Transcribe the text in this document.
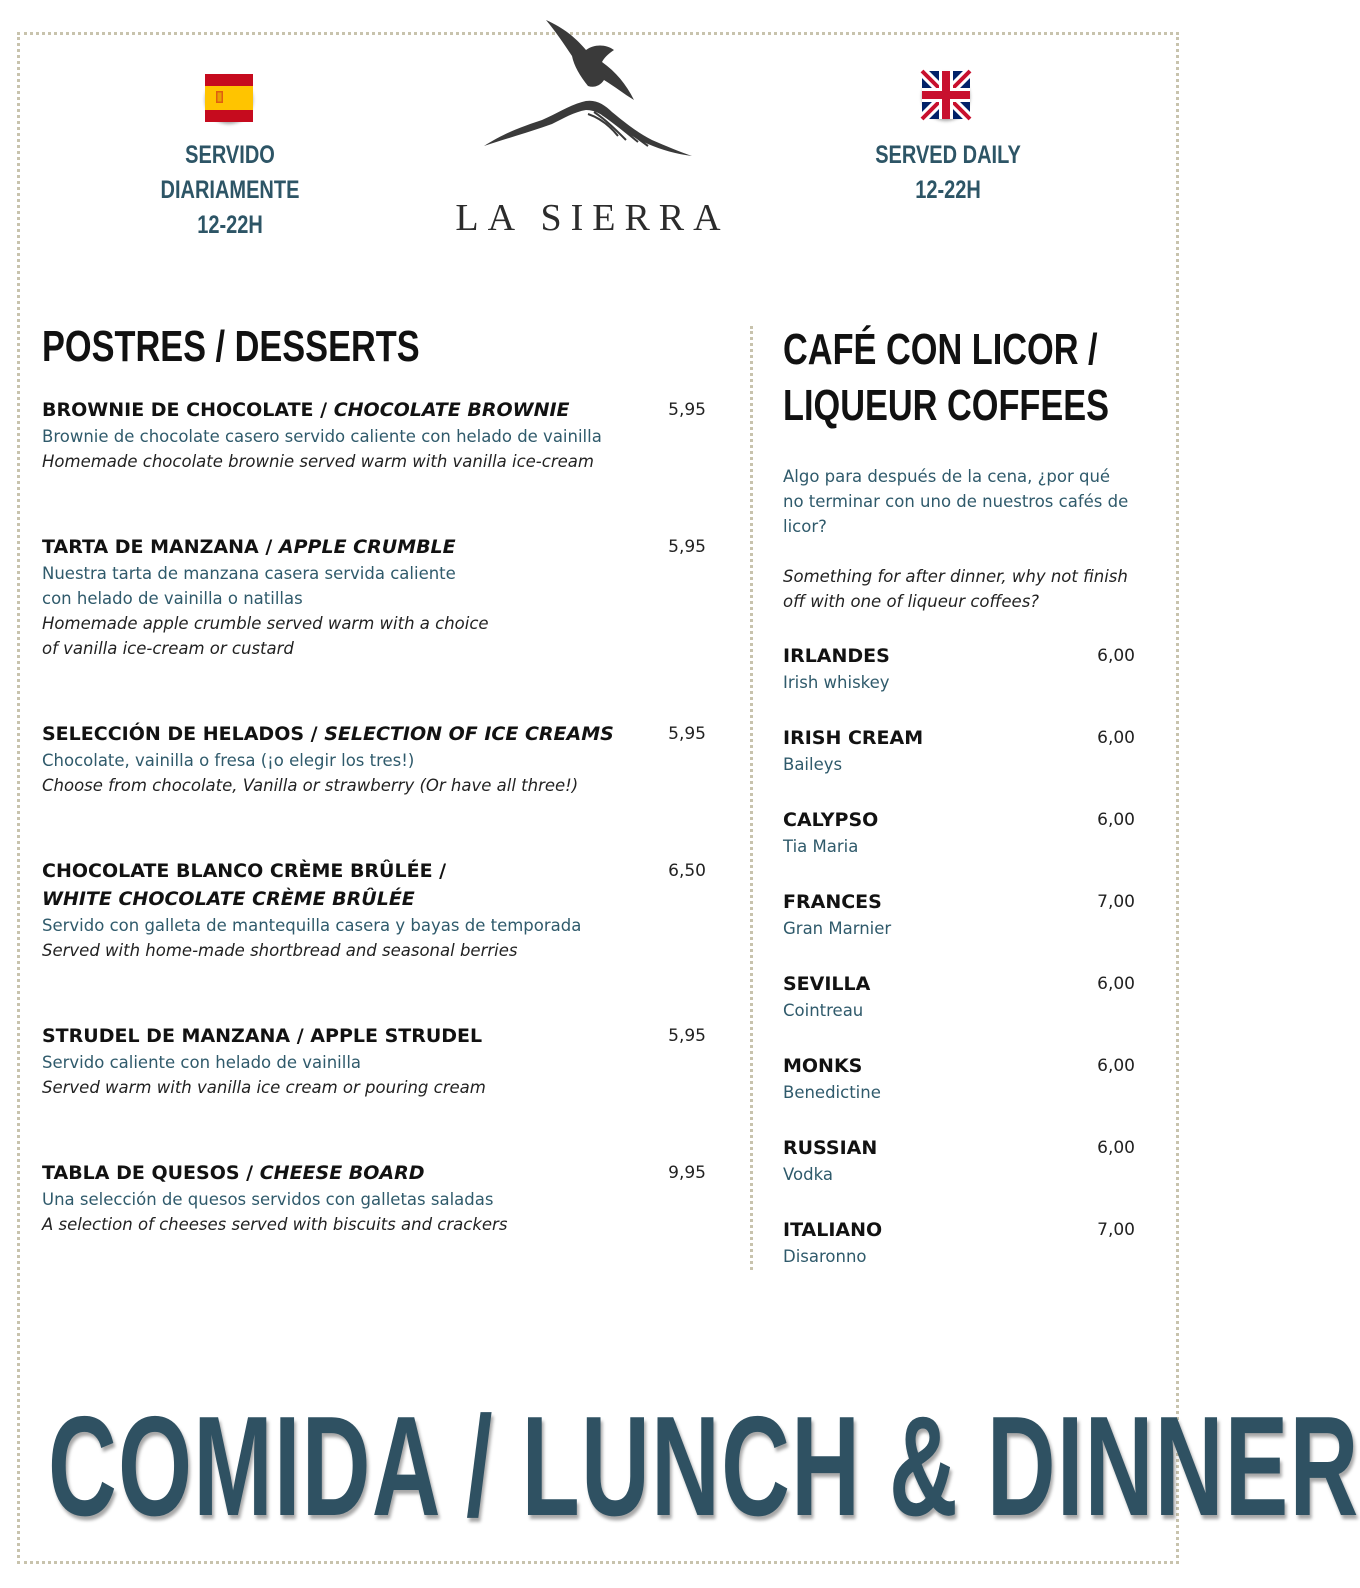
SERVIDO DIARIAMENTE
12-22H
SERVED DAILY
12-22H
LA SIERRA
POSTRES / DESSERTS
BROWNIE DE CHOCOLATE / CHOCOLATE BROWNIE	5,95
Brownie de chocolate casero servido caliente con helado de vainilla
Homemade chocolate brownie served warm with vanilla ice-cream
TARTA DE MANZANA / APPLE CRUMBLE	5,95
Nuestra tarta de manzana casera servida caliente
con helado de vainilla o natillas
Homemade apple crumble served warm with a choice
of vanilla ice-cream or custard
SELECCIÓN DE HELADOS / SELECTION OF ICE CREAMS	5,95
Chocolate, vainilla o fresa (¡o elegir los tres!)
Choose from chocolate, Vanilla or strawberry (Or have all three!)
CHOCOLATE BLANCO CRÈME BRÛLÉE /
WHITE CHOCOLATE CRÈME BRÛLÉE
6,50
Servido con galleta de mantequilla casera y bayas de temporada
Served with home-made shortbread and seasonal berries
STRUDEL DE MANZANA / APPLE STRUDEL	5,95
Servido caliente con helado de vainilla
Served warm with vanilla ice cream or pouring cream
TABLA DE QUESOS / CHEESE BOARD	9,95
Una selección de quesos servidos con galletas saladas
A selection of cheeses served with biscuits and crackers
CAFÉ CON LICOR /
LIQUEUR COFFEES
Algo para después de la cena, ¿por qué no terminar con uno de nuestros cafés de licor?
Something for after dinner, why not finish off with one of liqueur coffees?
IRLANDES
Irish whiskey
6,00
IRISH CREAM
Baileys
6,00
CALYPSO
Tia Maria
6,00
FRANCES
Gran Marnier
7,00
SEVILLA
Cointreau
6,00
MONKS
Benedictine
6,00
RUSSIAN
Vodka
6,00
ITALIANO
Disaronno
7,00
COMIDA / LUNCH & DINNER
